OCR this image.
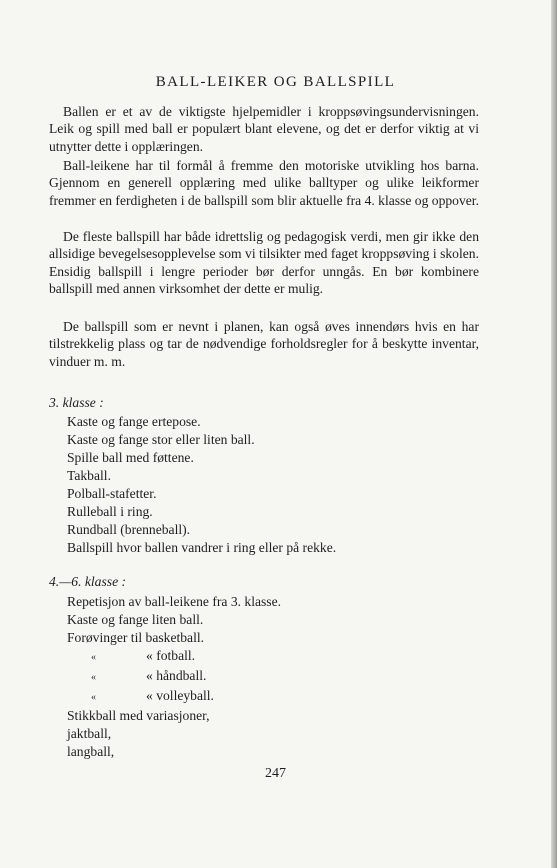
BALL-LEIKER OG BALLSPILL

Ballen er et av de viktigste hjelpemidler i kroppsøvingsundervisningen. Leik og spill med ball er populært blant elevene, og det er derfor viktig at vi utnytter dette i opplæringen.

Ball-leikene har til formål å fremme den motoriske utvikling hos barna. Gjennom en generell opplæring med ulike balltyper og ulike leikformer fremmer en ferdigheten i de ballspill som blir aktuelle fra 4. klasse og oppover.

De fleste ballspill har både idrettslig og pedagogisk verdi, men gir ikke den allsidige bevegelsesopplevelse som vi tilsikter med faget kroppsøving i skolen. Ensidig ballspill i lengre perioder bør derfor unngås. En bør kombinere ballspill med annen virksomhet der dette er mulig.

De ballspill som er nevnt i planen, kan også øves innendørs hvis en har tilstrekkelig plass og tar de nødvendige forholdsregler for å beskytte inventar, vinduer m. m.

3. klasse :
Kaste og fange ertepose.
Kaste og fange stor eller liten ball.
Spille ball med føttene.
Takball.
Polball-stafetter.
Rulleball i ring.
Rundball (brenneball).
Ballspill hvor ballen vandrer i ring eller på rekke.
4.—6. klasse :
Repetisjon av ball-leikene fra 3. klasse.
Kaste og fange liten ball.
Forøvinger til basketball.
«	« fotball.
«	« håndball.
«	« volleyball.
Stikkball med variasjoner,
jaktball,
langball,
247
